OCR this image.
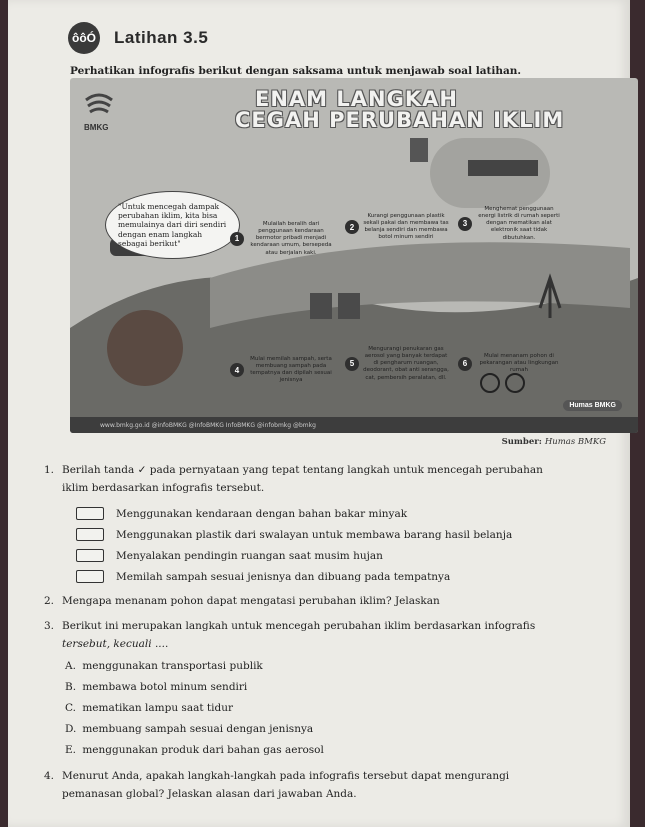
ôôÓ Latihan 3.5
Perhatikan infografis berikut dengan saksama untuk menjawab soal latihan.
BMKG
ENAM LANGKAH
CEGAH PERUBAHAN IKLIM
"Untuk mencegah dampak perubahan iklim, kita bisa memulainya dari diri sendiri dengan enam langkah sebagai berikut"
1
Mulailah beralih dari penggunaan kendaraan bermotor pribadi menjadi kendaraan umum, bersepeda atau berjalan kaki.
2
Kurangi penggunaan plastik sekali pakai dan membawa tas belanja sendiri dan membawa botol minum sendiri
3
Menghemat penggunaan energi listrik di rumah seperti dengan mematikan alat elektronik saat tidak dibutuhkan.
4
Mulai memilah sampah, serta membuang sampah pada tempatnya dan dipilah sesuai jenisnya
5
Mengurangi penukaran gas aerosol yang banyak terdapat di pengharum ruangan, deodorant, obat anti serangga, cat, pembersih peralatan, dll.
6
Mulai menanam pohon di pekarangan atau lingkungan rumah
Humas BMKG
www.bmkg.go.id @infoBMKG @InfoBMKG InfoBMKG @infobmkg @bmkg
Sumber: Humas BMKG
1. Berilah tanda ✓ pada pernyataan yang tepat tentang langkah untuk mencegah perubahan
iklim berdasarkan infografis tersebut.
Menggunakan kendaraan dengan bahan bakar minyak
Menggunakan plastik dari swalayan untuk membawa barang hasil belanja
Menyalakan pendingin ruangan saat musim hujan
Memilah sampah sesuai jenisnya dan dibuang pada tempatnya
2. Mengapa menanam pohon dapat mengatasi perubahan iklim? Jelaskan
3. Berikut ini merupakan langkah untuk mencegah perubahan iklim berdasarkan infografis
tersebut, kecuali ....
A. menggunakan transportasi publik
B. membawa botol minum sendiri
C. mematikan lampu saat tidur
D. membuang sampah sesuai dengan jenisnya
E. menggunakan produk dari bahan gas aerosol
4. Menurut Anda, apakah langkah-langkah pada infografis tersebut dapat mengurangi
pemanasan global? Jelaskan alasan dari jawaban Anda.
